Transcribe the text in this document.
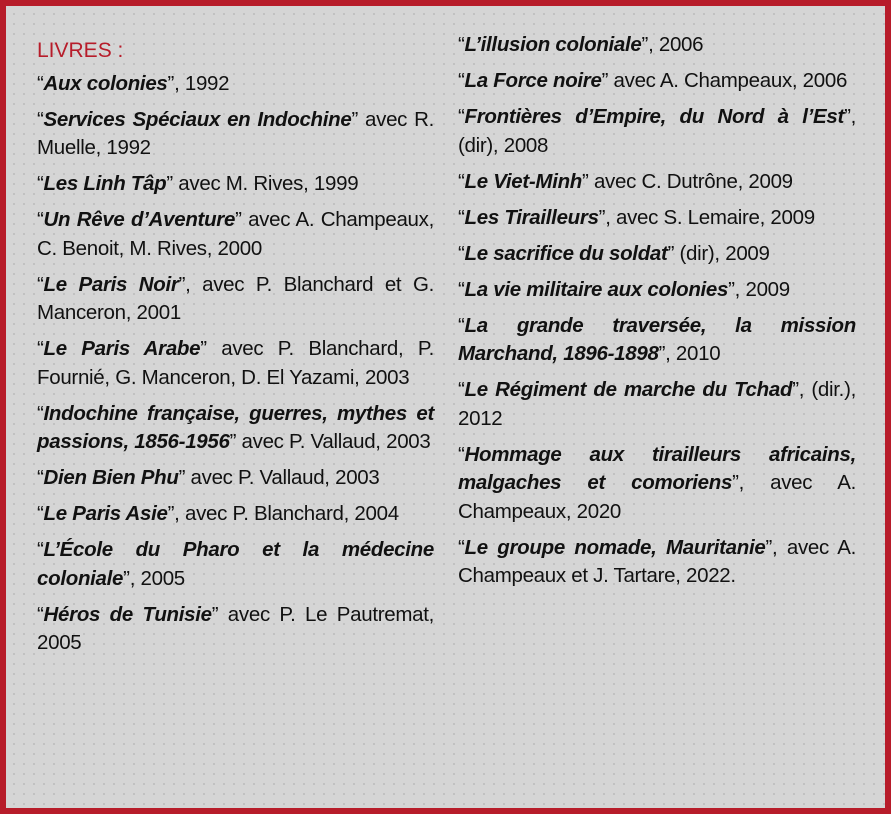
LIVRES :
“Aux colonies”, 1992
“Services Spéciaux en Indochine” avec R. Muelle, 1992
“Les Linh Tâp” avec M. Rives, 1999
“Un Rêve d’Aventure” avec A. Champeaux, C. Benoit, M. Rives, 2000
“Le Paris Noir”, avec P. Blanchard et G. Manceron, 2001
“Le Paris Arabe” avec P. Blanchard, P. Fournié, G. Manceron, D. El Yazami, 2003
“Indochine française, guerres, mythes et passions, 1856-1956” avec P. Vallaud, 2003
“Dien Bien Phu” avec P. Vallaud, 2003
“Le Paris Asie”, avec P. Blanchard, 2004
“L’École du Pharo et la médecine coloniale”, 2005
“Héros de Tunisie” avec P. Le Pautremat, 2005
“L’illusion coloniale”, 2006
“La Force noire” avec A. Champeaux, 2006
“Frontières d’Empire, du Nord à l’Est”, (dir), 2008
“Le Viet-Minh” avec C. Dutrône, 2009
“Les Tirailleurs”, avec S. Lemaire, 2009
“Le sacrifice du soldat” (dir), 2009
“La vie militaire aux colonies”, 2009
“La grande traversée, la mission Marchand, 1896-1898”, 2010
“Le Régiment de marche du Tchad”, (dir.), 2012
“Hommage aux tirailleurs africains, malgaches et comoriens”, avec A. Champeaux, 2020
“Le groupe nomade, Mauritanie”, avec A. Champeaux et J. Tartare, 2022.
